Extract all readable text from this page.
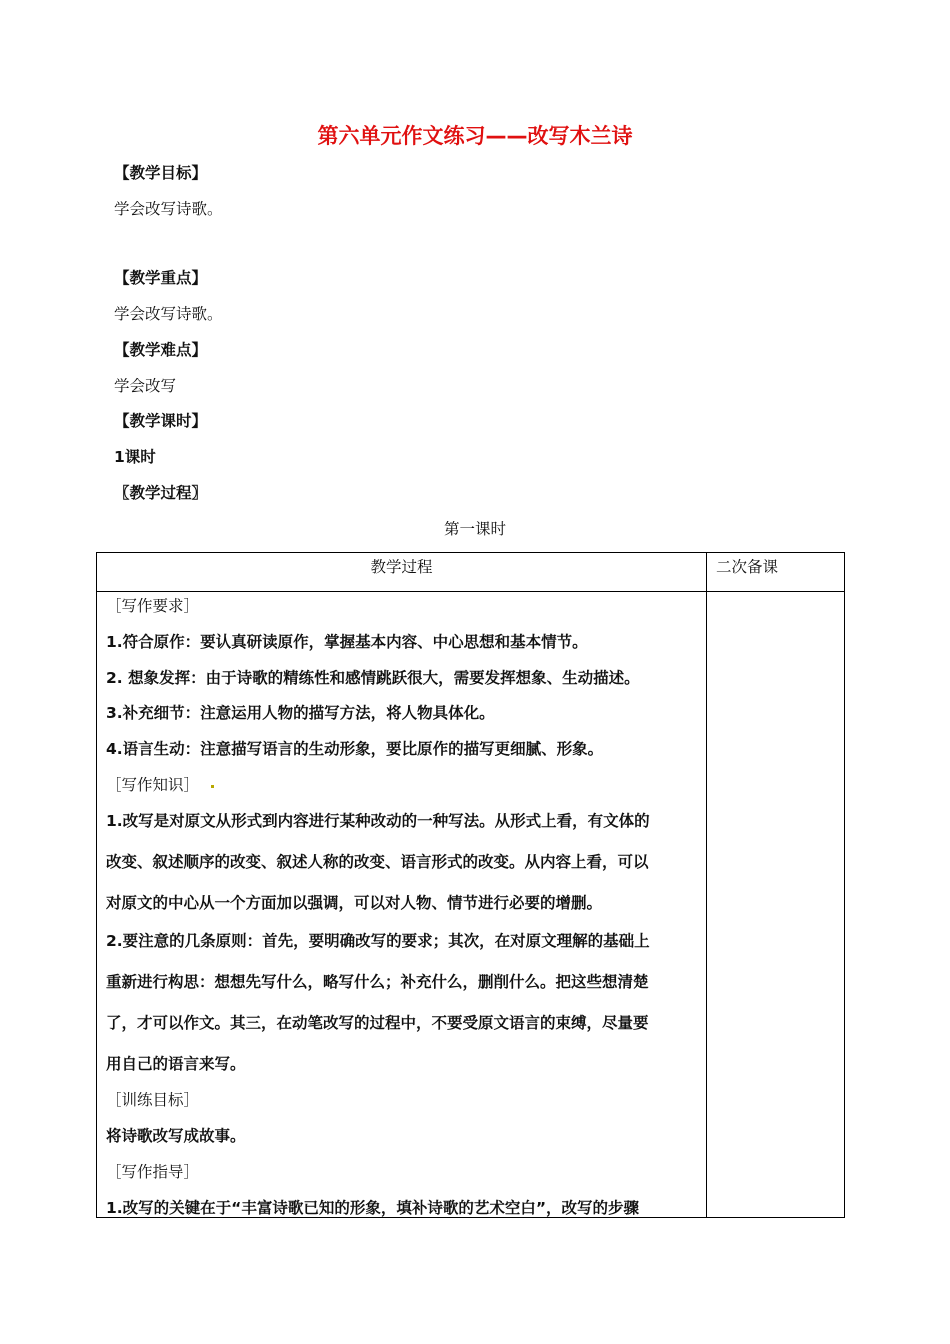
第六单元作文练习——改写木兰诗
【教学目标】
学会改写诗歌。
【教学重点】
学会改写诗歌。
【教学难点】
学会改写
【教学课时】
1课时
〖教学过程〗
第一课时
教学过程	二次备课
［写作要求］
1.符合原作：要认真研读原作，掌握基本内容、中心思想和基本情节。
2. 想象发挥：由于诗歌的精练性和感情跳跃很大，需要发挥想象、生动描述。
3.补充细节：注意运用人物的描写方法，将人物具体化。
4.语言生动：注意描写语言的生动形象，要比原作的描写更细腻、形象。
［写作知识］
1.改写是对原文从形式到内容进行某种改动的一种写法。从形式上看，有文体的
改变、叙述顺序的改变、叙述人称的改变、语言形式的改变。从内容上看，可以
对原文的中心从一个方面加以强调，可以对人物、情节进行必要的增删。
2.要注意的几条原则：首先，要明确改写的要求；其次，在对原文理解的基础上
重新进行构思：想想先写什么，略写什么；补充什么，删削什么。把这些想清楚
了，才可以作文。其三，在动笔改写的过程中，不要受原文语言的束缚，尽量要
用自己的语言来写。
［训练目标］
将诗歌改写成故事。
［写作指导］
1.改写的关键在于“丰富诗歌已知的形象，填补诗歌的艺术空白”，改写的步骤
